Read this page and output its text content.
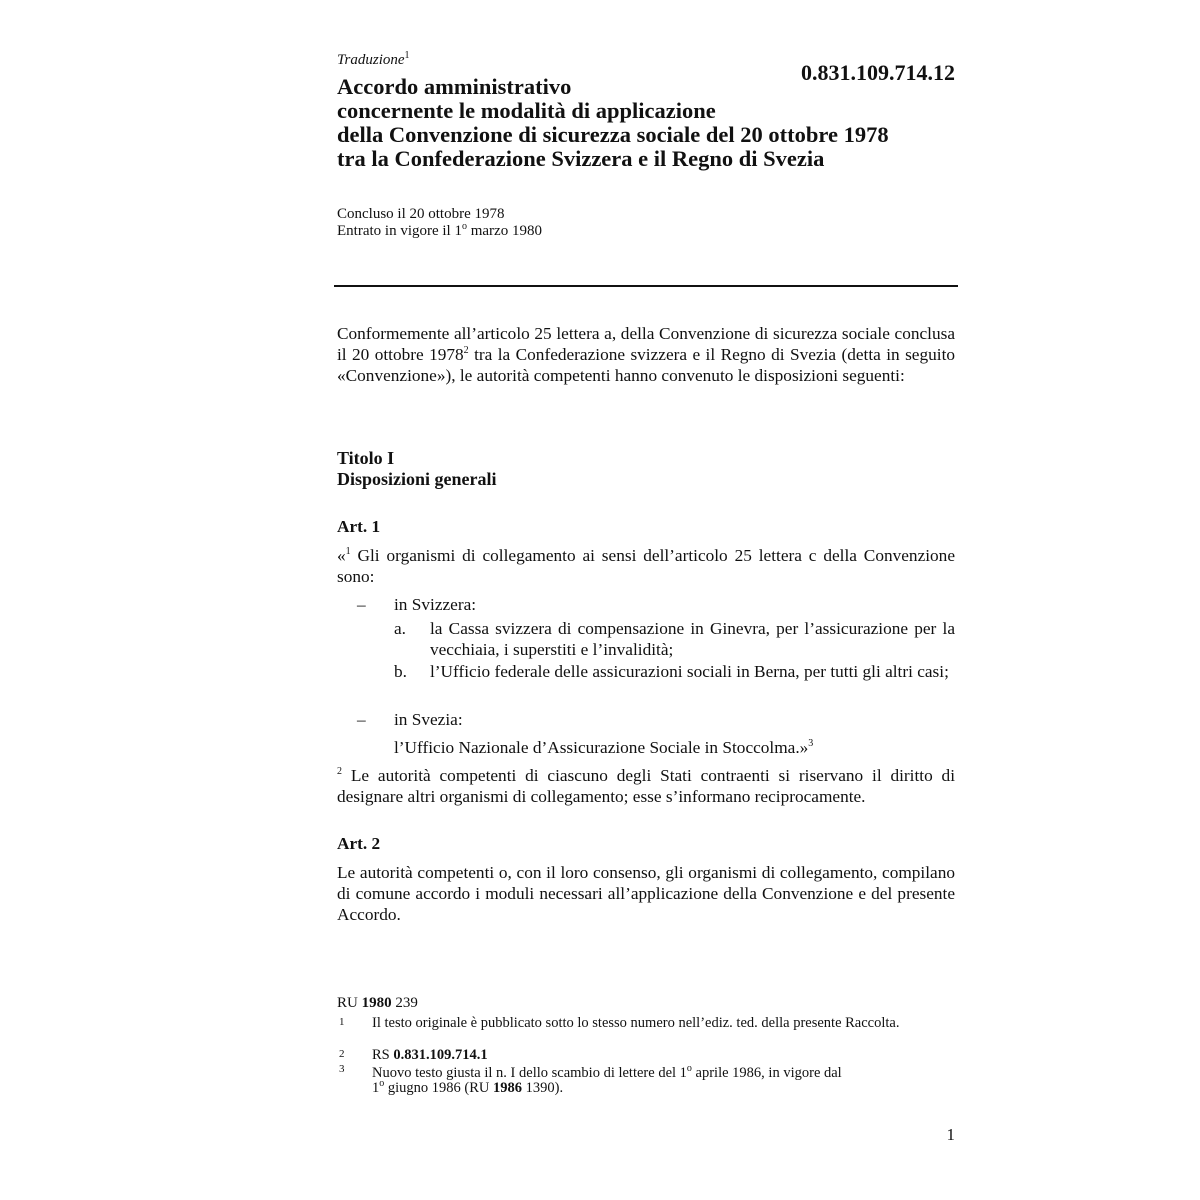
Traduzione$^1$
0.831.109.714.12
Accordo amministrativo
concernente le modalità di applicazione
della Convenzione di sicurezza sociale del 20 ottobre 1978
tra la Confederazione Svizzera e il Regno di Svezia
Concluso il 20 ottobre 1978
Entrato in vigore il 1$^o$ marzo 1980
Conformemente all’articolo 25 lettera a, della Convenzione di sicurezza sociale conclusa il 20 ottobre 1978$^2$ tra la Confederazione svizzera e il Regno di Svezia (detta in seguito «Convenzione»), le autorità competenti hanno convenuto le disposizioni seguenti:
Titolo I
Disposizioni generali
Art. 1
«$^1$ Gli organismi di collegamento ai sensi dell’articolo 25 lettera c della Convenzione sono:
– in Svizzera:
a. la Cassa svizzera di compensazione in Ginevra, per l’assicurazione per la vecchiaia, i superstiti e l’invalidità;
b. l’Ufficio federale delle assicurazioni sociali in Berna, per tutti gli altri casi;
– in Svezia:
l’Ufficio Nazionale d’Assicurazione Sociale in Stoccolma.»$^3$
$^2$ Le autorità competenti di ciascuno degli Stati contraenti si riservano il diritto di designare altri organismi di collegamento; esse s’informano reciprocamente.
Art. 2
Le autorità competenti o, con il loro consenso, gli organismi di collegamento, compilano di comune accordo i moduli necessari all’applicazione della Convenzione e del presente Accordo.
RU 1980 239
1 Il testo originale è pubblicato sotto lo stesso numero nell’ediz. ted. della presente Raccolta.
2 RS 0.831.109.714.1
3 Nuovo testo giusta il n. I dello scambio di lettere del 1$^o$ aprile 1986, in vigore dal
1$^o$ giugno 1986 (RU 1986 1390).
1
